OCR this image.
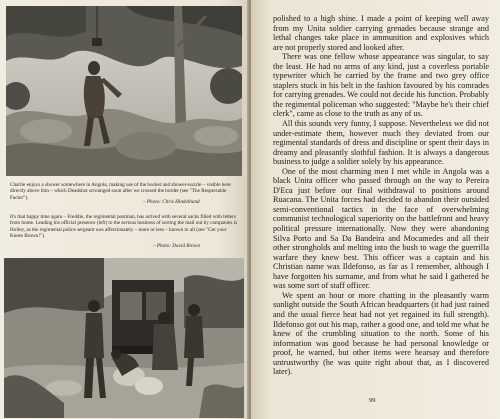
Charlie enjoys a shower somewhere in Angola, making use of the bucket and shower-nozzle – visible here directly above him – which Deadshot scrounged soon after we crossed the border (see "The Respectable Factor").
– Photo: Chris Hindelhand
It's that happy time again – Freddie, the regimental postman, has arrived with several sacks filled with letters from home. Leading his official presence (left) to the serious business of sorting the mail out by companies is Holley, as the regimental police sergeant was affectionately – more or less – known to all (see "Get your Knees Brown!").
– Photo: David Brown

polished to a high shine. I made a point of keeping well away from my Unita soldier carrying grenades because strange and lethal changes take place in ammunition and explosives which are not properly stored and looked after.

There was one fellow whose appearance was singular, to say the least. He had no arms of any kind, just a coverless portable typewriter which he carried by the frame and two grey office staplers stuck in his belt in the fashion favoured by his comrades for carrying grenades. We could not decide his function. Probably the regimental policeman who suggested: "Maybe he's their chief clerk", came as close to the truth as any of us.

All this sounds very funny, I suppose. Nevertheless we did not under-estimate them, however much they deviated from our regimental standards of dress and discipline or spent their days in dreamy and pleasantly slothful fashion. It is always a dangerous business to judge a soldier solely by his appearance.

One of the most charming men I met while in Angola was a black Unita officer who passed through on the way to Pereira D'Eca just before our final withdrawal to positions around Ruacana. The Unita forces had decided to abandon their outsided semi-conventional tactics in the face of overwhelming communist technological superiority on the battlefront and heavy political pressure internationally. Now they were abandoning Silva Porto and Sa Da Bandeira and Mocamedes and all their other strongholds and melting into the bush to wage the guerrilla warfare they knew best. This officer was a captain and his Christian name was Ildefonso, as far as I remember, although I have forgotten his surname, and from what he said I gathered he was some sort of staff officer.

We spent an hour or more chatting in the pleasantly warm sunlight outside the South African headquarters (it had just rained and the usual fierce heat had not yet regained its full strength). Ildefonso got out his map, rather a good one, and told me what he knew of the crumbling situation to the north. Some of his information was good because he had personal knowledge or proof, he warned, but other items were hearsay and therefore untrustworthy (he was quite right about that, as I discovered later).

99
